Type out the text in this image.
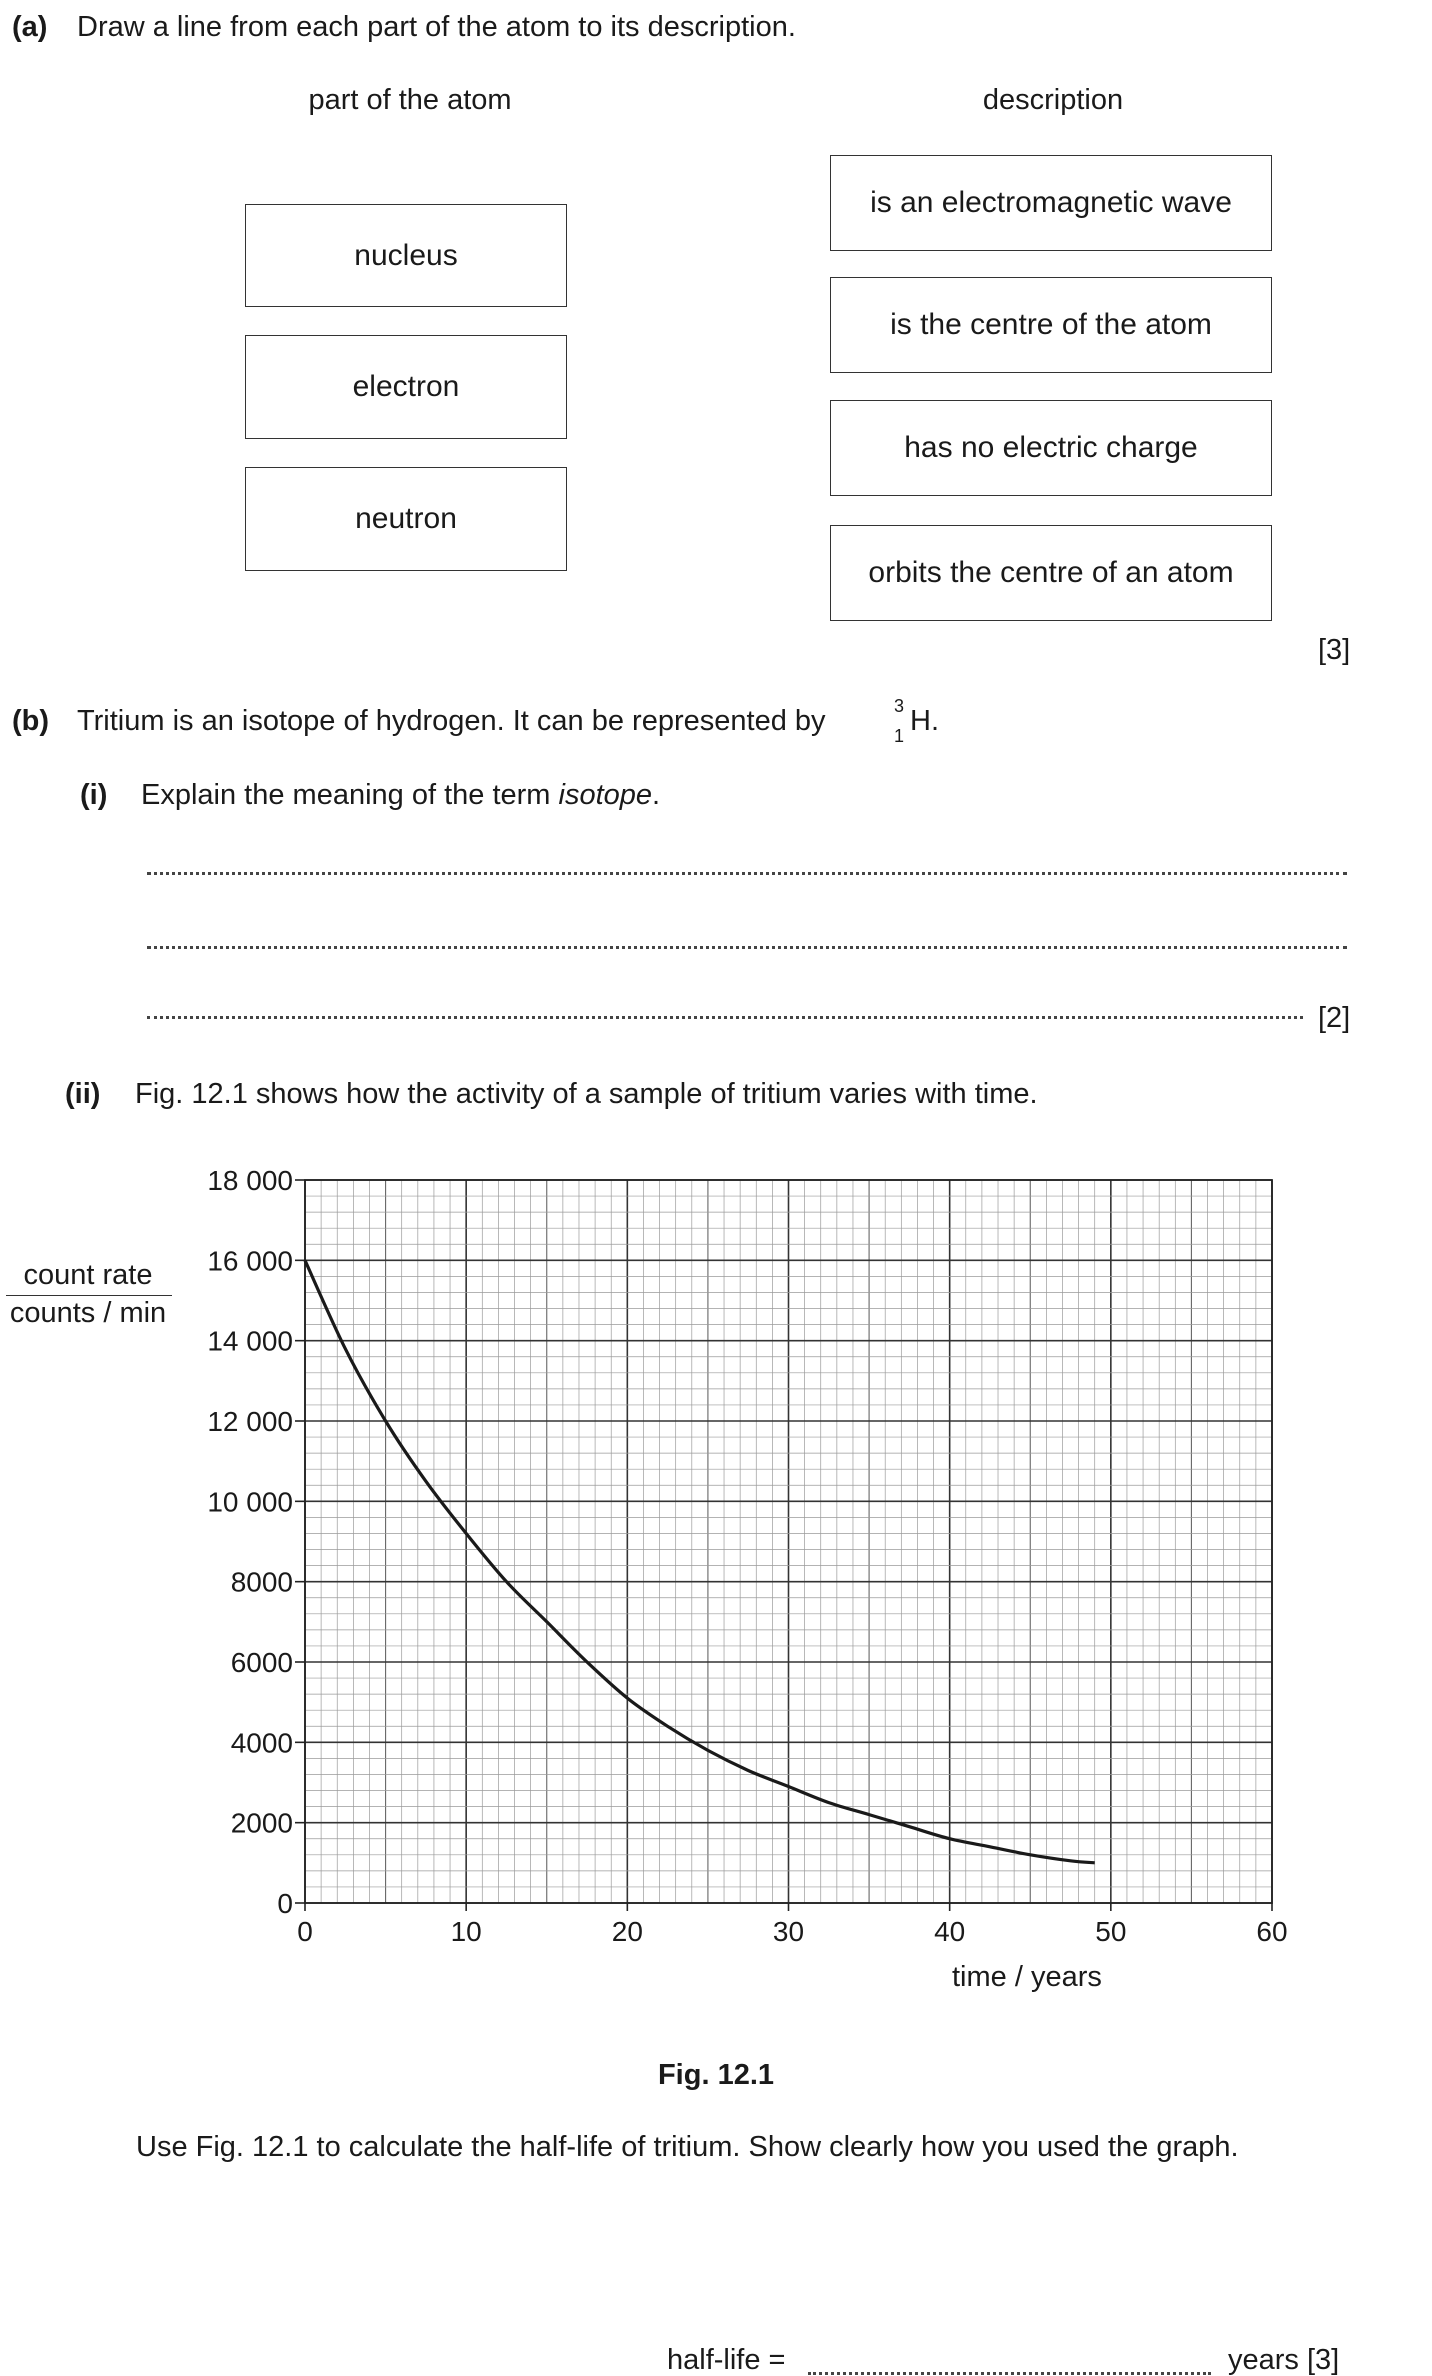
(a) Draw a line from each part of the atom to its description.
part of the atom	description
nucleus
electron
neutron
is an electromagnetic wave
is the centre of the atom
has no electric charge
orbits the centre of an atom
[3]
(b) Tritium is an isotope of hydrogen. It can be represented by	3
1 H.
(i) Explain the meaning of the term isotope.
[2]
(ii) Fig. 12.1 shows how the activity of a sample of tritium varies with time.
count rate
counts / min
0	10	20	30	40	50	60
0
2000
4000
6000
8000
10 000
12 000
14 000
16 000
18 000
time / years
Fig. 12.1
Use Fig. 12.1 to calculate the half-life of tritium. Show clearly how you used the graph.
half-life =	years [3]
